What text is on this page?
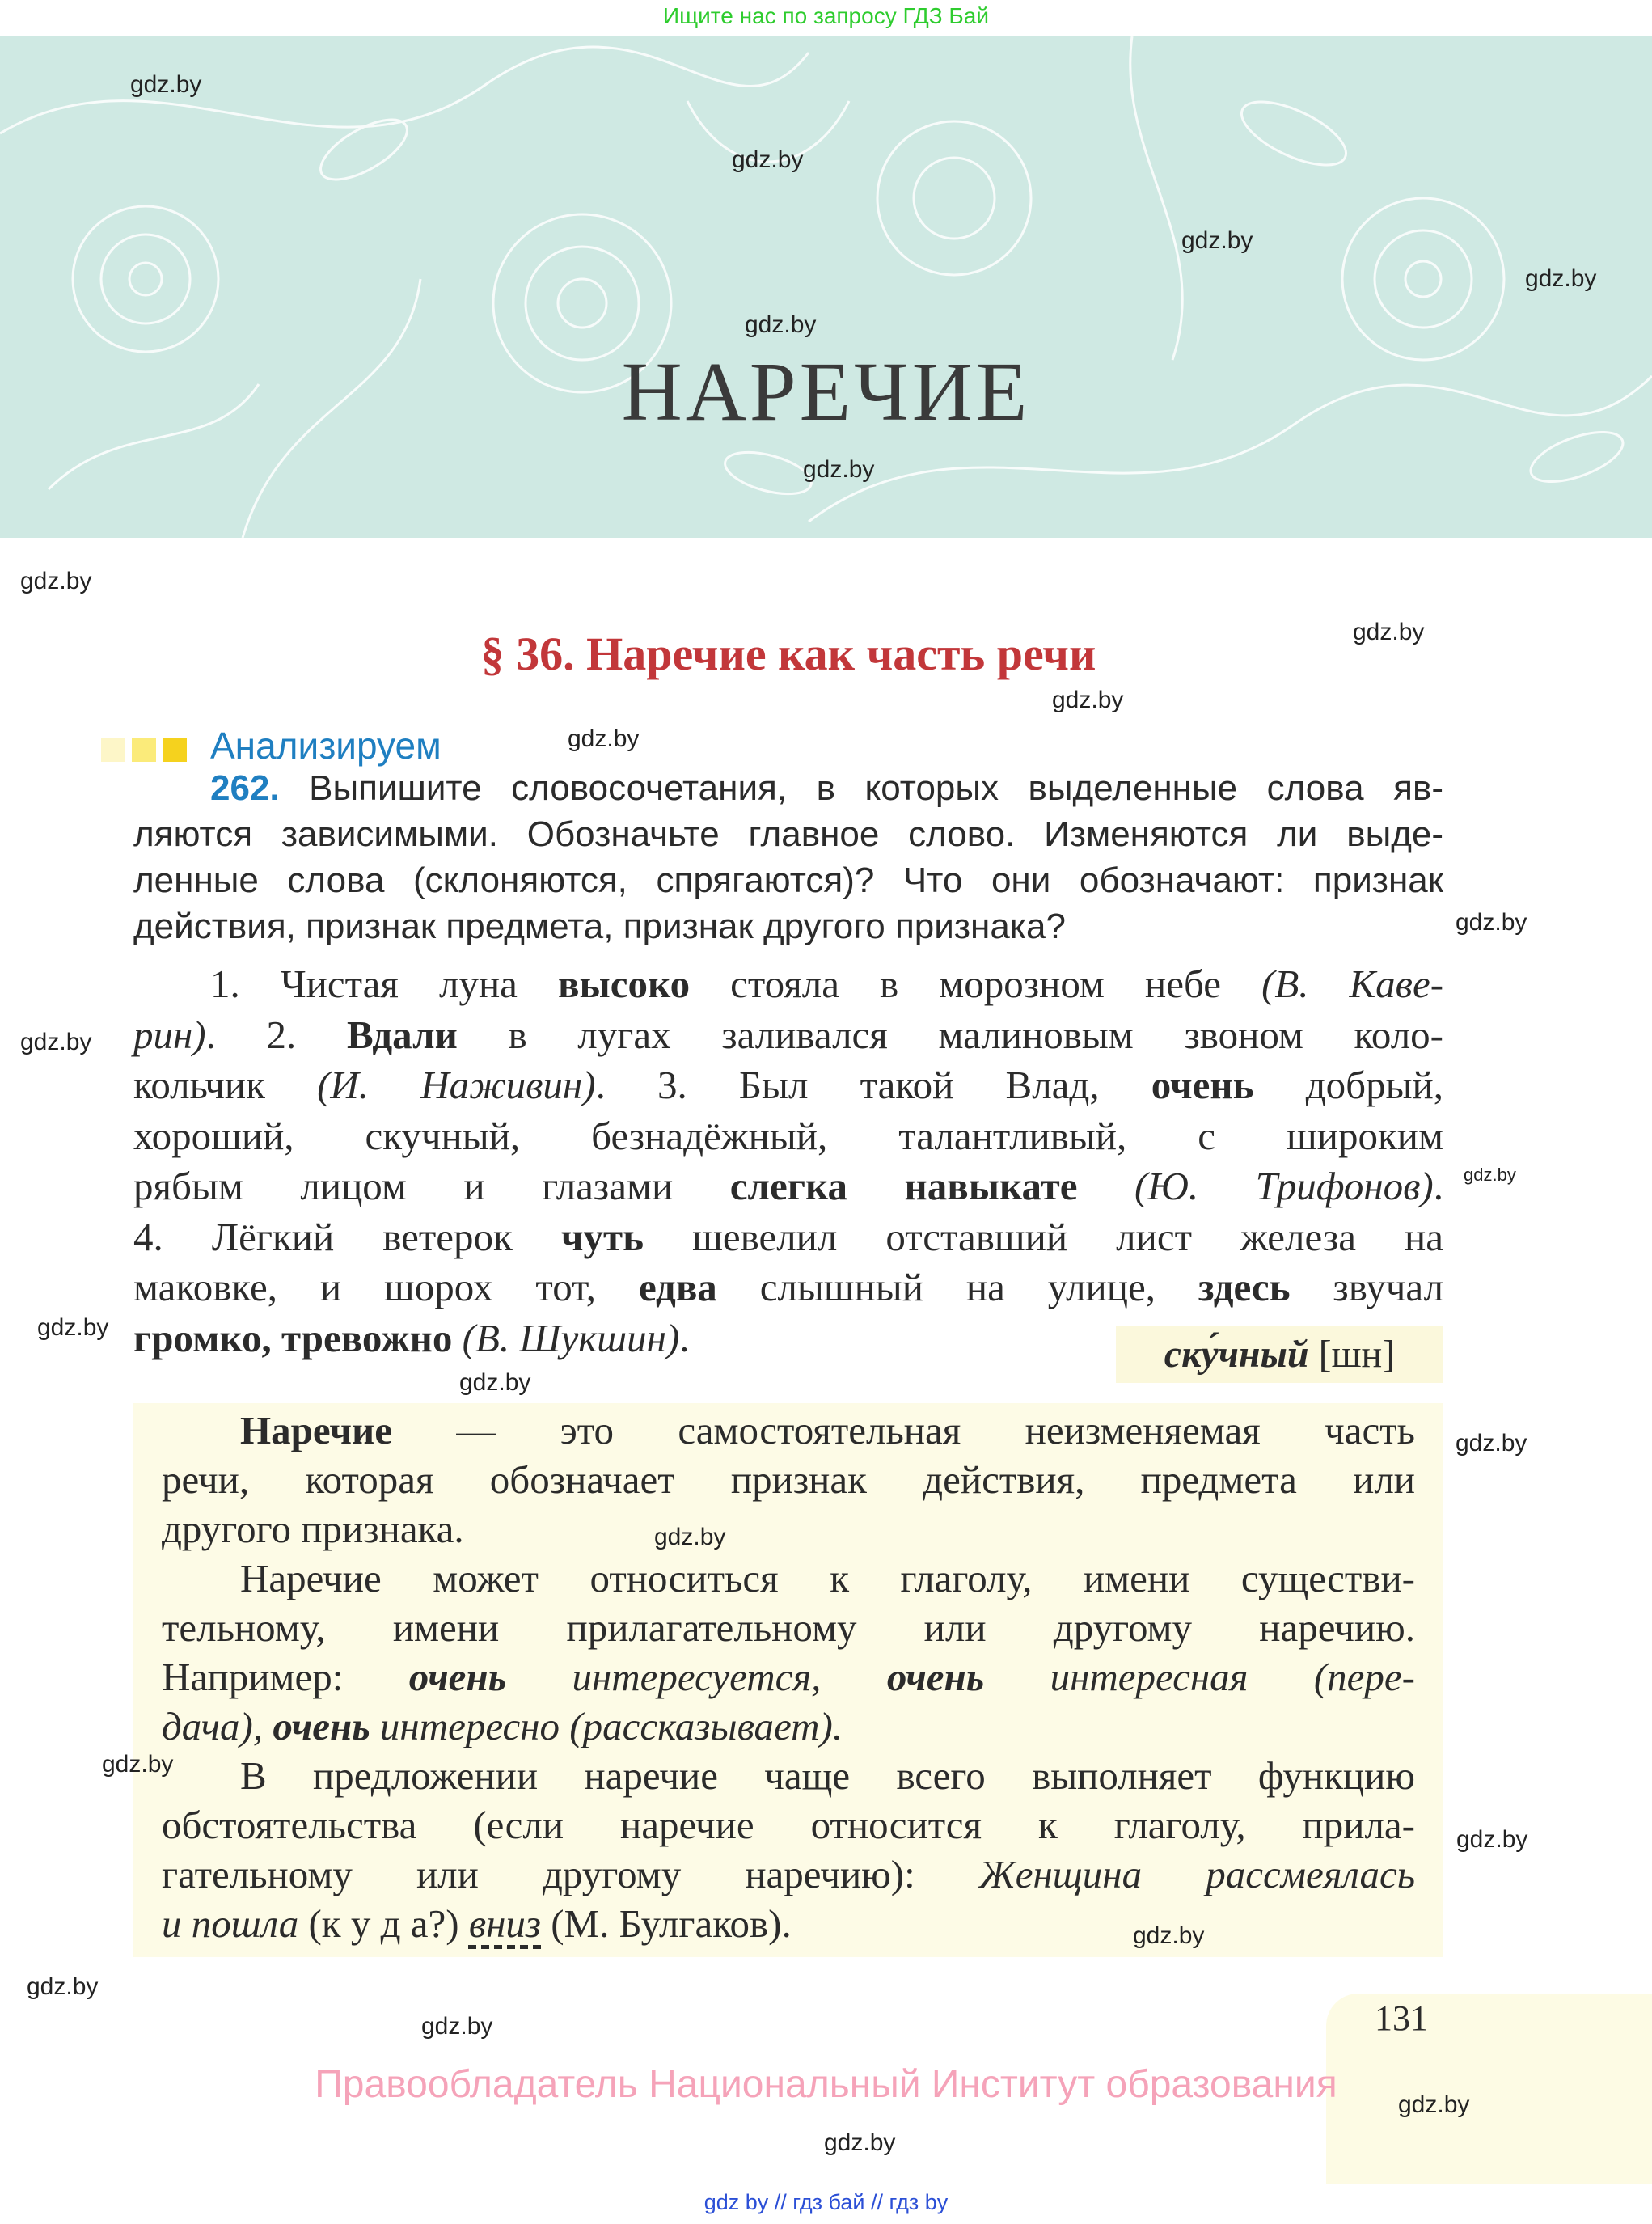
Ищите нас по запросу ГДЗ Бай
НАРЕЧИЕ
§ 36. Наречие как часть речи
Анализируем
262. Выпишите словосочетания, в которых выделенные слова яв-
ляются зависимыми. Обозначьте главное слово. Изменяются ли выде-
ленные слова (склоняются, спрягаются)? Что они обозначают: признак
действия, признак предмета, признак другого признака?
1. Чистая луна высоко стояла в морозном небе (В. Каве-
рин). 2. Вдали в лугах заливался малиновым звоном коло-
кольчик (И. Наживин). 3. Был такой Влад, очень добрый,
хороший, скучный, безнадёжный, талантливый, с широким
рябым лицом и глазами слегка навыкате (Ю. Трифонов).
4. Лёгкий ветерок чуть шевелил отставший лист железа на
маковке, и шорох тот, едва слышный на улице, здесь звучал
громко, тревожно (В. Шукшин).	ску́чный [шн]
Наречие — это самостоятельная неизменяемая часть
речи, которая обозначает признак действия, предмета или
другого признака.
Наречие может относиться к глаголу, имени существи-
тельному, имени прилагательному или другому наречию.
Например: очень интересуется, очень интересная (пере-
дача), очень интересно (рассказывает).
В предложении наречие чаще всего выполняет функцию
обстоятельства (если наречие относится к глаголу, прила-
гательному или другому наречию): Женщина рассмеялась
и пошла (к у д а?) вниз (М. Булгаков).
131
Правообладатель Национальный Институт образования
gdz by // гдз бай // гдз by
gdz.by
gdz.by
gdz.by
gdz.by
gdz.by
gdz.by
gdz.by
gdz.by
gdz.by
gdz.by
gdz.by
gdz.by
gdz.by
gdz.by
gdz.by
gdz.by
gdz.by
gdz.by
gdz.by
gdz.by
gdz.by
gdz.by
gdz.by
gdz.by
